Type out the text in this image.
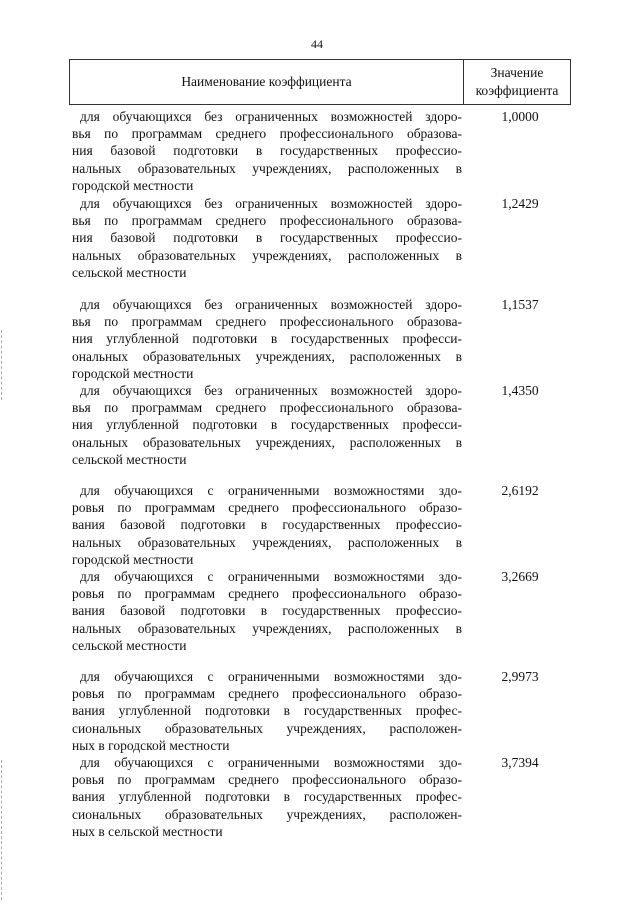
44
Наименование коэффициента
Значение
коэффициента
для обучающихся без ограниченных возможностей здоро-
вья по программам среднего профессионального образова-
ния базовой подготовки в государственных профессио-
нальных образовательных учреждениях, расположенных в
городской местности
1,0000
для обучающихся без ограниченных возможностей здоро-
вья по программам среднего профессионального образова-
ния базовой подготовки в государственных профессио-
нальных образовательных учреждениях, расположенных в
сельской местности
1,2429
для обучающихся без ограниченных возможностей здоро-
вья по программам среднего профессионального образова-
ния углубленной подготовки в государственных професси-
ональных образовательных учреждениях, расположенных в
городской местности
1,1537
для обучающихся без ограниченных возможностей здоро-
вья по программам среднего профессионального образова-
ния углубленной подготовки в государственных професси-
ональных образовательных учреждениях, расположенных в
сельской местности
1,4350
для обучающихся с ограниченными возможностями здо-
ровья по программам среднего профессионального образо-
вания базовой подготовки в государственных профессио-
нальных образовательных учреждениях, расположенных в
городской местности
2,6192
для обучающихся с ограниченными возможностями здо-
ровья по программам среднего профессионального образо-
вания базовой подготовки в государственных профессио-
нальных образовательных учреждениях, расположенных в
сельской местности
3,2669
для обучающихся с ограниченными возможностями здо-
ровья по программам среднего профессионального образо-
вания углубленной подготовки в государственных профес-
сиональных образовательных учреждениях, расположен-
ных в городской местности
2,9973
для обучающихся с ограниченными возможностями здо-
ровья по программам среднего профессионального образо-
вания углубленной подготовки в государственных профес-
сиональных образовательных учреждениях, расположен-
ных в сельской местности
3,7394
